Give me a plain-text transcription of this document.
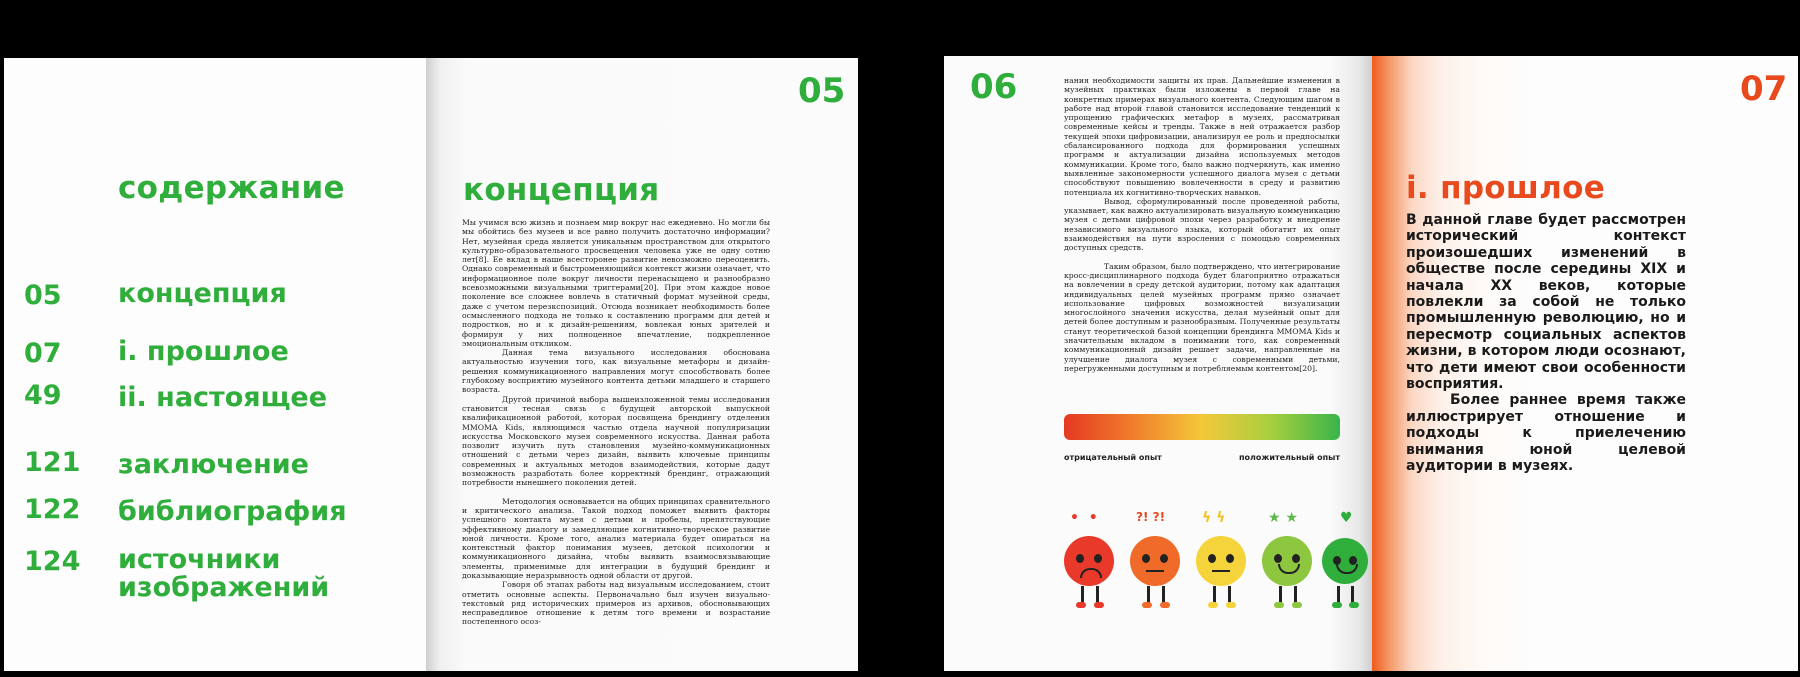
содержание
05 концепция
07 i. прошлое
49 ii. настоящее
121 заключение
122 библиография
124 источники изображений
05
концепция

Мы учимся всю жизнь и познаем мир вокруг нас ежедневно. Но могли бы мы обойтись без музеев и все равно получить достаточно информации? Нет, музейная среда является уникальным пространством для открытого культурно-образовательного просвещения человека уже не одну сотню лет[8]. Ее вклад в наше всесторонее развитие невозможно переоценить. Однако современный и быстроменяющийся контекст жизни означает, что информационное поле вокруг личности перенасыщено и разнообразно всевозможными визуальными триггерами[20]. При этом каждое новое поколение все сложнее вовлечь в статичный формат музейной среды, даже с учетом перезкспозиций. Отсюда возникает необходимость более осмысленного подхода не только к составлению программ для детей и подростков, но и к дизайн-решениям, вовлекая юных зрителей и формируя у них полноценное впечатление, подкрепленное эмоциональным откликом.

Данная тема визуального исследования обоснована актуальностью изучения того, как визуальные метафоры и дизайн-решения коммуникационного направления могут способствовать более глубокому восприятию музейного контента детьми младшего и старшего возраста.

Другой причиной выбора вышеизложенной темы исследования становится тесная связь с будущей авторской выпускной квалификационной работой, которая посвящена брендингу отделения MMOMA Kids, являющимся частью отдела научной популяризации искусства Московского музея современного искусства. Данная работа позволит изучить путь становления музейно-коммуникационных отношений с детьми через дизайн, выявить ключевые принципы современных и актуальных методов взаимодействия, которые дадут возможность разработать более корректный брендинг, отражающий потребности нынешнего поколения детей.

Методология основывается на общих принципах сравнительного и критического анализа. Такой подход поможет выявить факторы успешного контакта музея с детьми и пробелы, препятствующие эффективному диалогу и замедляющие когнитивно-творческое развитие юной личности. Кроме того, анализ материала будет опираться на контекстный фактор понимания музеев, детской психологии и коммуникационного дизайна, чтобы выявить взаимосвязывающие элементы, применимые для интеграции в будущий брендинг и доказывающие неразрывность одной области от другой.

Говоря об этапах работы над визуальным исследованием, стоит отметить основные аспекты. Первоначально был изучен визуально-текстовый ряд исторических примеров из архивов, обосновывающих несправедливое отношение к детям того времени и возрастание постепенного осоз-

06	нания необходимости защиты их прав. Дальнейшие изменения в музейных практиках были изложены в первой главе на конкретных примерах визуального контента. Следующим шагом в работе над второй главой становится исследование тенденций к упрощению графических метафор в музеях, рассматривая современные кейсы и тренды. Также в ней отражается разбор текущей эпохи цифровизации, анализируя ее роль и предпосылки сбалансированного подхода для формирования успешных программ и актуализации дизайна используемых методов коммуникации. Кроме того, было важно подчеркнуть, как именно выявленные закономерности успешного диалога музея с детьми способствуют повышению вовлеченности в среду и развитию потенциала их когнитивно-творческих навыков.

Вывод, сформулированный после проведенной работы, указывает, как важно актуализировать визуальную коммуникацию музея с детьми цифровой эпохи через разработку и внедрение независимого визуального языка, который обогатит их опыт взаимодействия на пути взросления с помощью современных доступных средств.

Таким образом, было подтверждено, что интегрирование кросс-дисциплинарного подхода будет благоприятно отражаться на вовлечении в среду детской аудитории, потому как адаптация индивидуальных целей музейных программ прямо означает использование цифровых возможностей визуализации многослойного значения искусства, делая музейный опыт для детей более доступным и разнообразным. Полученные результаты станут теоретической базой концепции брендинга MMOMA Kids и значительным вкладом в понимании того, как современный коммуникационный дизайн решает задачи, направленные на улучшение диалога музея с современными детьми, перегруженными доступным и потребляемым контентом[20].

отрицательный опыт	положительный опыт
•  •	?! ?!	ϟ ϟ	★ ★	♥
07
i. прошлое

В данной главе будет рассмотрен исторический контекст произошедших изменений в обществе после середины XIX и начала XX веков, которые повлекли за собой не только промышленную революцию, но и пересмотр социальных аспектов жизни, в котором люди осознают, что дети имеют свои особенности восприятия.

Более раннее время также иллюстрирует отношение и подходы к приелечению внимания юной целевой аудитории в музеях.
